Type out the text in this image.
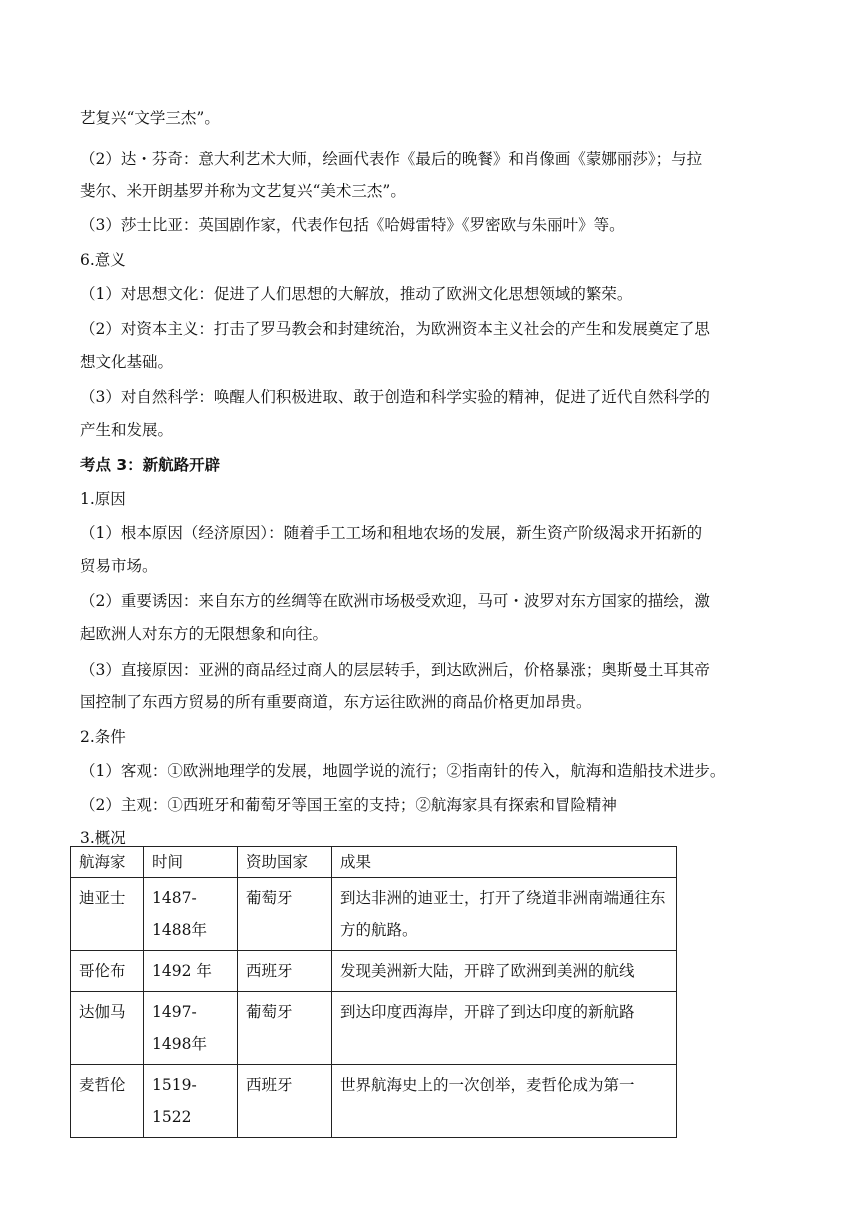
艺复兴“文学三杰”。
（2）达・芬奇：意大利艺术大师，绘画代表作《最后的晚餐》和肖像画《蒙娜丽莎》；与拉
斐尔、米开朗基罗并称为文艺复兴“美术三杰”。
（3）莎士比亚：英国剧作家，代表作包括《哈姆雷特》《罗密欧与朱丽叶》等。
6.意义
（1）对思想文化：促进了人们思想的大解放，推动了欧洲文化思想领域的繁荣。
（2）对资本主义：打击了罗马教会和封建统治，为欧洲资本主义社会的产生和发展奠定了思
想文化基础。
（3）对自然科学：唤醒人们积极进取、敢于创造和科学实验的精神，促进了近代自然科学的
产生和发展。
考点 3：新航路开辟
1.原因
（1）根本原因（经济原因）：随着手工工场和租地农场的发展，新生资产阶级渴求开拓新的
贸易市场。
（2）重要诱因：来自东方的丝绸等在欧洲市场极受欢迎，马可・波罗对东方国家的描绘，激
起欧洲人对东方的无限想象和向往。
（3）直接原因：亚洲的商品经过商人的层层转手，到达欧洲后，价格暴涨；奥斯曼土耳其帝
国控制了东西方贸易的所有重要商道，东方运往欧洲的商品价格更加昂贵。
2.条件
（1）客观：①欧洲地理学的发展，地圆学说的流行；②指南针的传入，航海和造船技术进步。
（2）主观：①西班牙和葡萄牙等国王室的支持；②航海家具有探索和冒险精神
3.概况
航海家	时间	资助国家	成果
迪亚士	1487-1488年	葡萄牙	到达非洲的迪亚士，打开了绕道非洲南端通往东方的航路。
哥伦布	1492 年	西班牙	发现美洲新大陆，开辟了欧洲到美洲的航线
达伽马	1497-1498年	葡萄牙	到达印度西海岸，开辟了到达印度的新航路
麦哲伦	1519-1522	西班牙	世界航海史上的一次创举，麦哲伦成为第一
